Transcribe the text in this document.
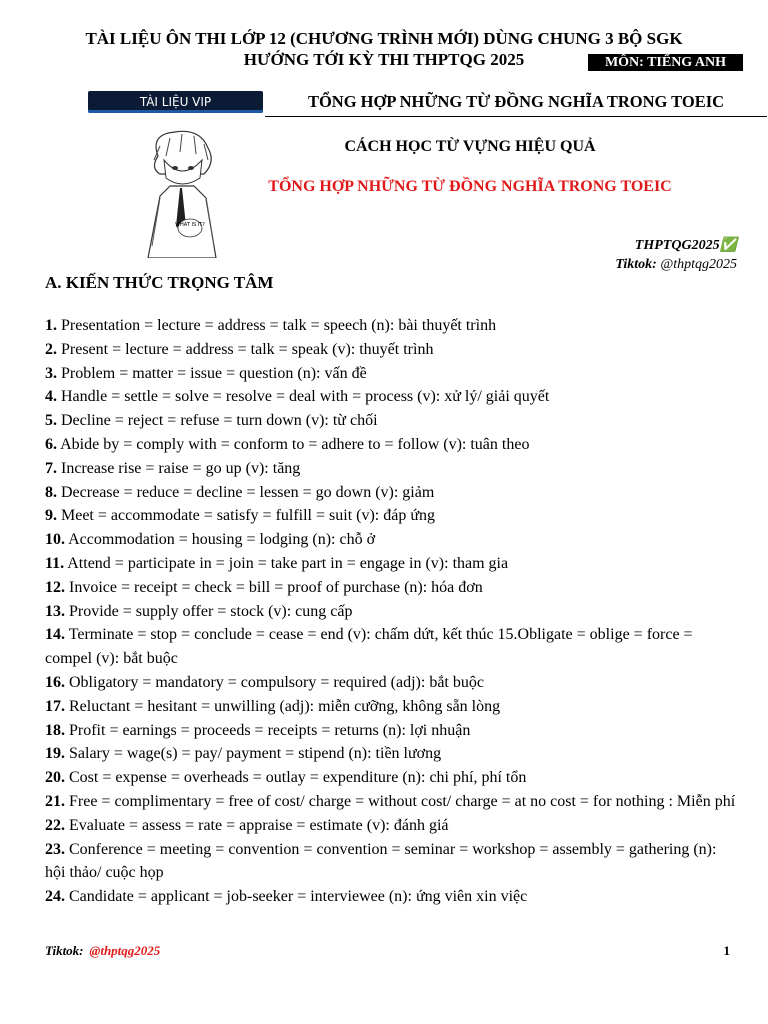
TÀI LIỆU ÔN THI LỚP 12 (CHƯƠNG TRÌNH MỚI) DÙNG CHUNG 3 BỘ SGK
HƯỚNG TỚI KỲ THI THPTQG 2025	MÔN: TIẾNG ANH
TÀI LIỆU VIP	TỔNG HỢP NHỮNG TỪ ĐỒNG NGHĨA TRONG TOEIC
WHAT IS IT?
CÁCH HỌC TỪ VỰNG HIỆU QUẢ
TỔNG HỢP NHỮNG TỪ ĐỒNG NGHĨA TRONG TOEIC
THPTQG2025✅
Tiktok: @thptqg2025
A. KIẾN THỨC TRỌNG TÂM
1. Presentation = lecture = address = talk = speech (n): bài thuyết trình
2. Present = lecture = address = talk = speak (v): thuyết trình
3. Problem = matter = issue = question (n): vấn đề
4. Handle = settle = solve = resolve = deal with = process (v): xử lý/ giải quyết
5. Decline = reject = refuse = turn down (v): từ chối
6. Abide by = comply with = conform to = adhere to = follow (v): tuân theo
7. Increase rise = raise = go up (v): tăng
8. Decrease = reduce = decline = lessen = go down (v): giảm
9. Meet = accommodate = satisfy = fulfill = suit (v): đáp ứng
10. Accommodation = housing = lodging (n): chỗ ở
11. Attend = participate in = join = take part in = engage in (v): tham gia
12. Invoice = receipt = check = bill = proof of purchase (n): hóa đơn
13. Provide = supply offer = stock (v): cung cấp
14. Terminate = stop = conclude = cease = end (v): chấm dứt, kết thúc 15.Obligate = oblige = force = compel (v): bắt buộc
16. Obligatory = mandatory = compulsory = required (adj): bắt buộc
17. Reluctant = hesitant = unwilling (adj): miễn cưỡng, không sẵn lòng
18. Profit = earnings = proceeds = receipts = returns (n): lợi nhuận
19. Salary = wage(s) = pay/ payment = stipend (n): tiền lương
20. Cost = expense = overheads = outlay = expenditure (n): chi phí, phí tổn
21. Free = complimentary = free of cost/ charge = without cost/ charge = at no cost = for nothing : Miễn phí
22. Evaluate = assess = rate = appraise = estimate (v): đánh giá
23. Conference = meeting = convention = convention = seminar = workshop = assembly = gathering (n): hội thảo/ cuộc họp
24. Candidate = applicant = job-seeker = interviewee (n): ứng viên xin việc
Tiktok: @thptqg2025	1
